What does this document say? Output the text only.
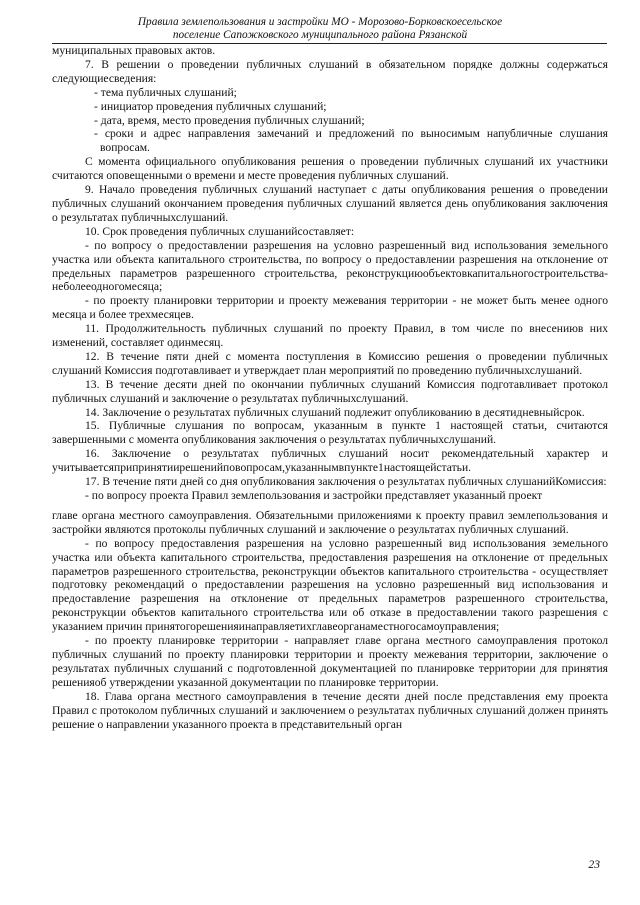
Правила землепользования и застройки МО - Морозово-Борковскоесельское
поселение Сапожковского муниципального района Рязанской

муниципальных правовых актов.

7. В решении о проведении публичных слушаний в обязательном порядке должны содержаться следующиесведения:

- тема публичных слушаний;

- инициатор проведения публичных слушаний;

- дата, время, место проведения публичных слушаний;

- сроки и адрес направления замечаний и предложений по выносимым напубличные слушания вопросам.

С момента официального опубликования решения о проведении публичных слушаний их участники считаются оповещенными о времени и месте проведения публичных слушаний.

9. Начало проведения публичных слушаний наступает с даты опубликования решения о проведении публичных слушаний окончанием проведения публичных слушаний является день опубликования заключения о результатах публичныхслушаний.

10. Срок проведения публичных слушанийсоставляет:

- по вопросу о предоставлении разрешения на условно разрешенный вид использования земельного участка или объекта капитального строительства, по вопросу о предоставлении разрешения на отклонение от предельных параметров разрешенного строительства, реконструкциюобъектовкапитальногостроительства-неболееодногомесяца;

- по проекту планировки территории и проекту межевания территории - не может быть менее одного месяца и более трехмесяцев.

11. Продолжительность публичных слушаний по проекту Правил, в том числе по внесениюв них изменений, составляет одинмесяц.

12. В течение пяти дней с момента поступления в Комиссию решения о проведении публичных слушаний Комиссия подготавливает и утверждает план мероприятий по проведению публичныхслушаний.

13. В течение десяти дней по окончании публичных слушаний Комиссия подготавливает протокол публичных слушаний и заключение о результатах публичныхслушаний.

14. Заключение о результатах публичных слушаний подлежит опубликованию в десятидневныйсрок.

15. Публичные слушания по вопросам, указанным в пункте 1 настоящей статьи, считаются завершенными с момента опубликования заключения о результатах публичныхслушаний.

16. Заключение о результатах публичных слушаний носит рекомендательный характер и учитываетсяприпринятиирешенийповопросам,указаннымвпункте1настоящейстатьи.

17. В течение пяти дней со дня опубликования заключения о результатах публичных слушанийКомиссия:

- по вопросу проекта Правил землепользования и застройки представляет указанный проект

главе органа местного самоуправления. Обязательными приложениями к проекту правил землепользования и застройки являются протоколы публичных слушаний и заключение о результатах публичных слушаний.

- по вопросу предоставления разрешения на условно разрешенный вид использования земельного участка или объекта капитального строительства, предоставления разрешения на отклонение от предельных параметров разрешенного строительства, реконструкции объектов капитального строительства - осуществляет подготовку рекомендаций о предоставлении разрешения на условно разрешенный вид использования и предоставление разрешения на отклонение от предельных параметров разрешенного строительства, реконструкции объектов капитального строительства или об отказе в предоставлении такого разрешения с указанием причин принятогорешенияинаправляетихглавеорганаместногосамоуправления;

- по проекту планировке территории - направляет главе органа местного самоуправления протокол публичных слушаний по проекту планировки территории и проекту межевания территории, заключение о результатах публичных слушаний с подготовленной документацией по планировке территории для принятия решенияоб утверждении указанной документации по планировке территории.

18. Глава органа местного самоуправления в течение десяти дней после представления ему проекта Правил с протоколом публичных слушаний и заключением о результатах публичных слушаний должен принять решение о направлении указанного проекта в представительный орган

23
